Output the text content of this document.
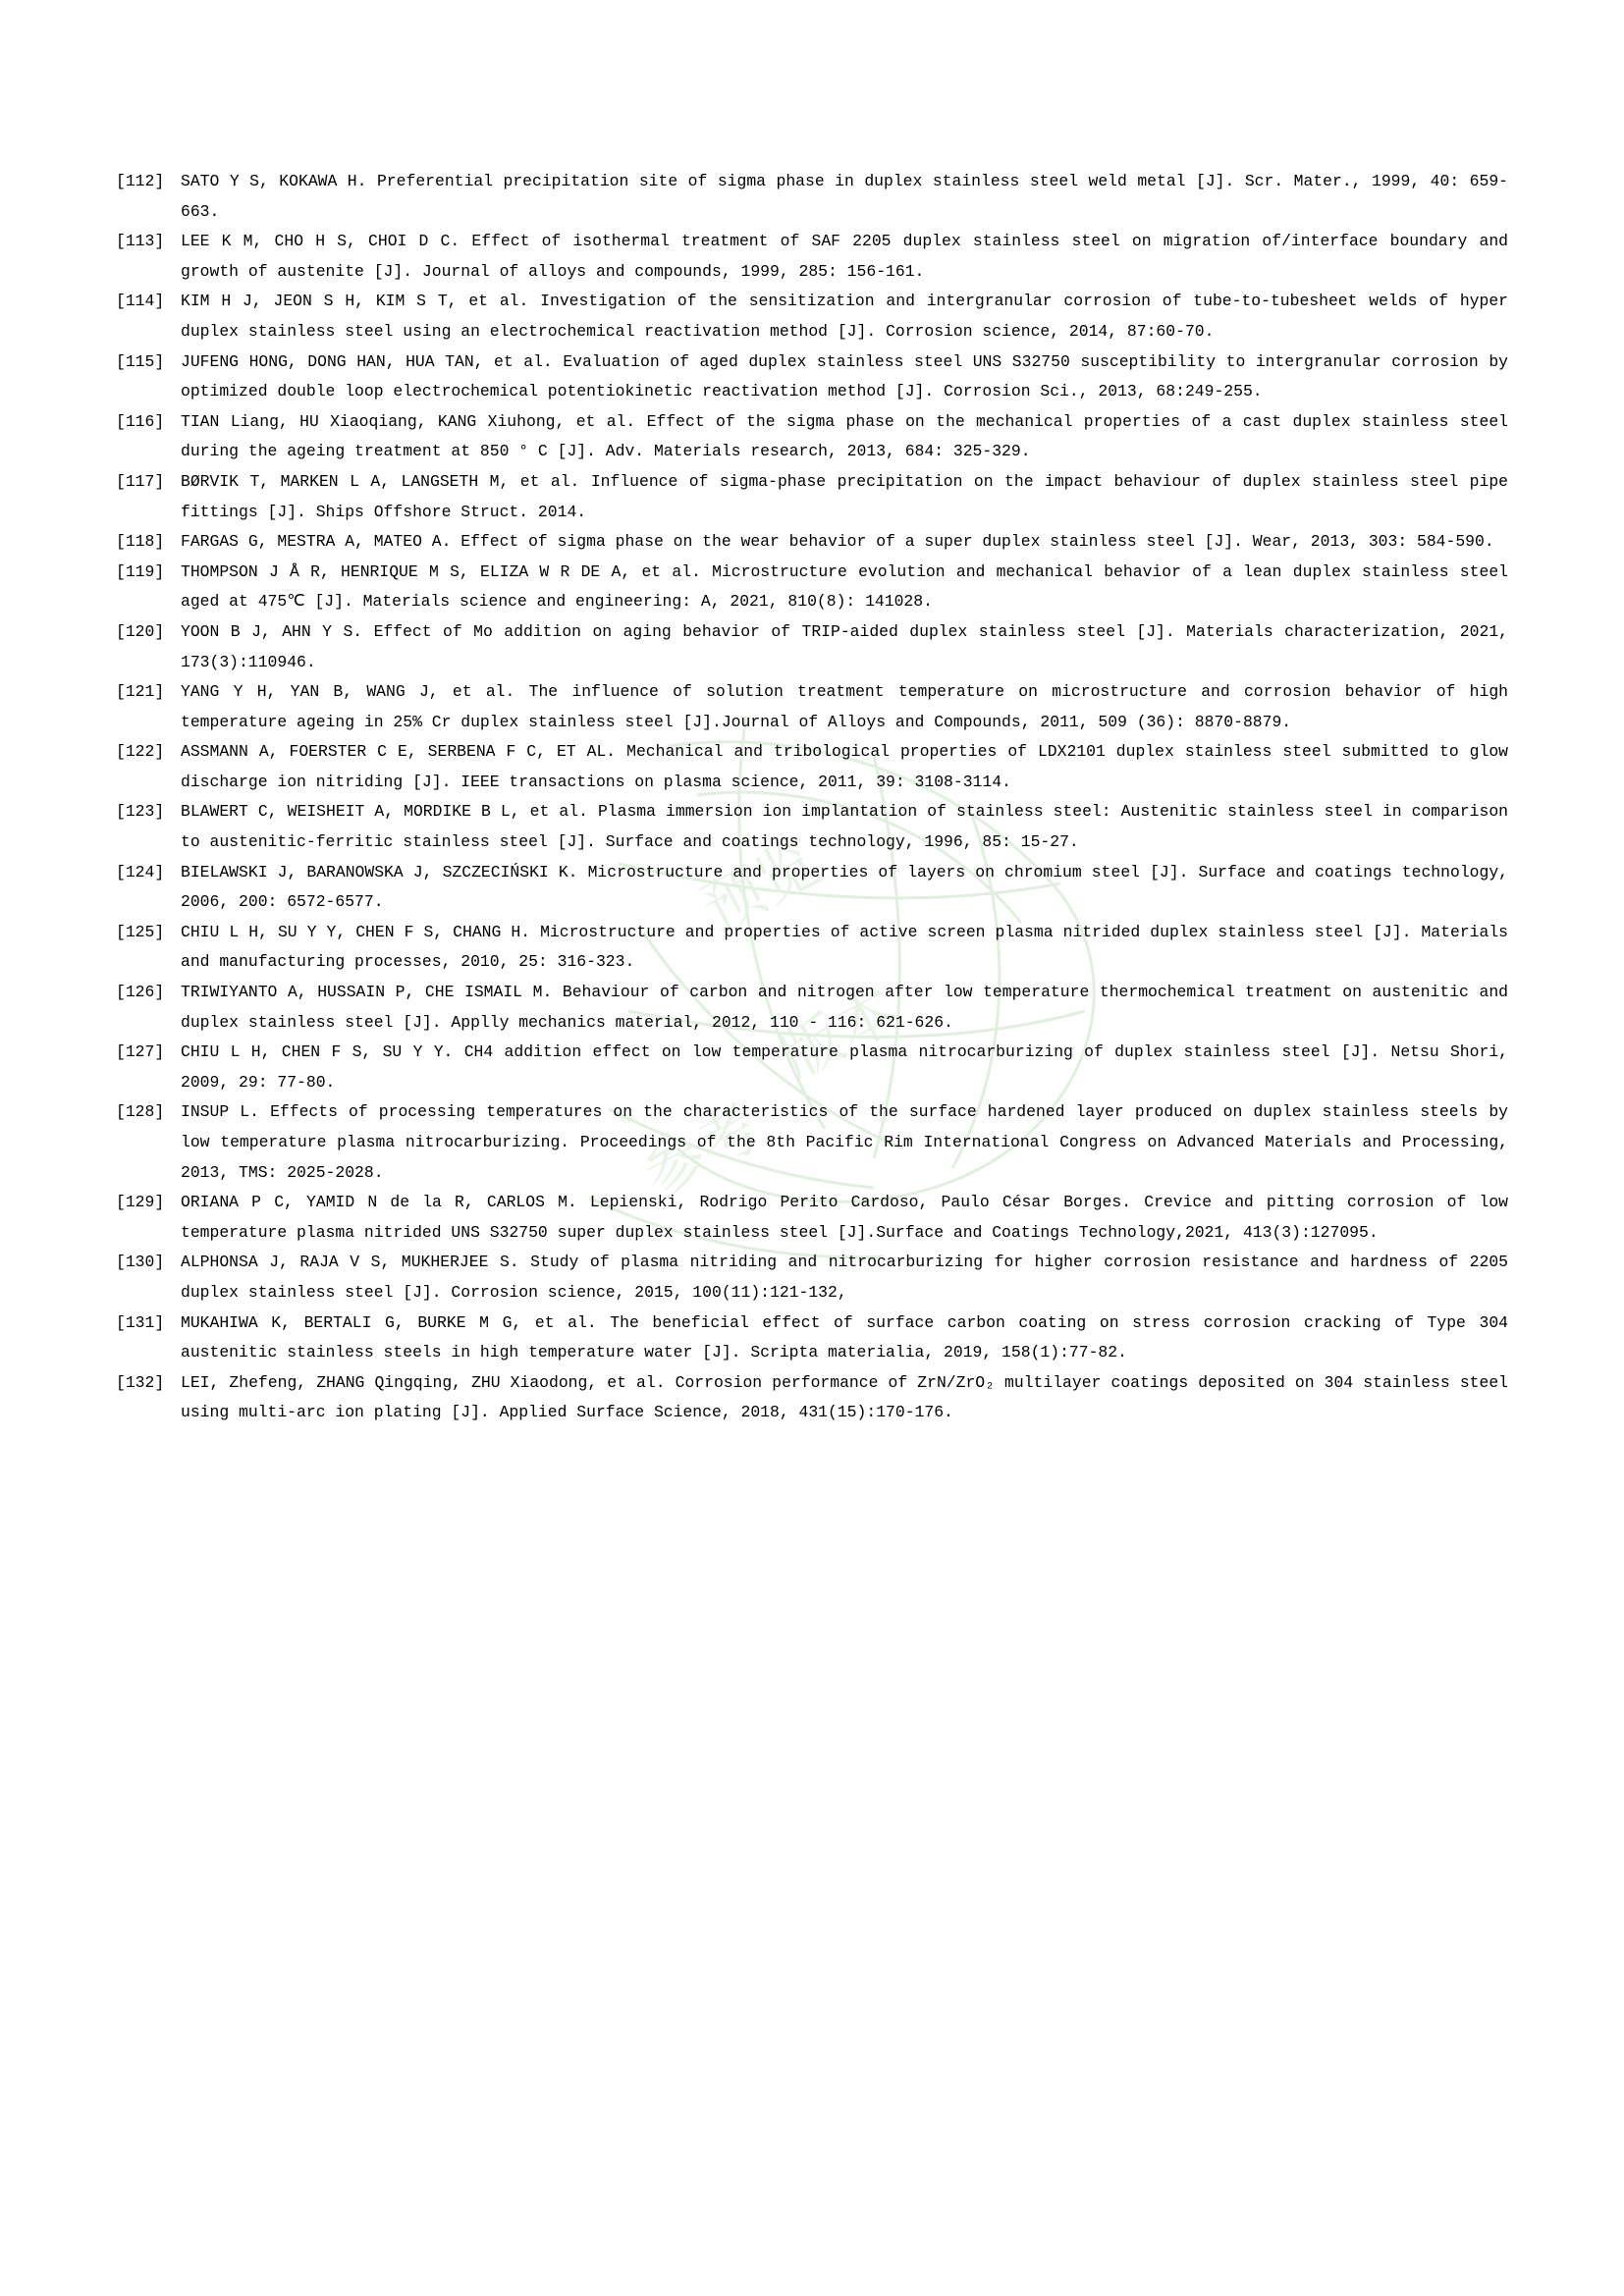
预览
版本
参考
[112] SATO Y S, KOKAWA H. Preferential precipitation site of sigma phase in duplex stainless steel weld metal [J]. Scr. Mater., 1999, 40: 659-663.
[113] LEE K M, CHO H S, CHOI D C. Effect of isothermal treatment of SAF 2205 duplex stainless steel on migration of/interface boundary and growth of austenite [J]. Journal of alloys and compounds, 1999, 285: 156-161.
[114] KIM H J, JEON S H, KIM S T, et al. Investigation of the sensitization and intergranular corrosion of tube-to-tubesheet welds of hyper duplex stainless steel using an electrochemical reactivation method [J]. Corrosion science, 2014, 87:60-70.
[115] JUFENG HONG, DONG HAN, HUA TAN, et al. Evaluation of aged duplex stainless steel UNS S32750 susceptibility to intergranular corrosion by optimized double loop electrochemical potentiokinetic reactivation method [J]. Corrosion Sci., 2013, 68:249-255.
[116] TIAN Liang, HU Xiaoqiang, KANG Xiuhong, et al. Effect of the sigma phase on the mechanical properties of a cast duplex stainless steel during the ageing treatment at 850 ° C [J]. Adv. Materials research, 2013, 684: 325-329.
[117] BØRVIK T, MARKEN L A, LANGSETH M, et al. Influence of sigma-phase precipitation on the impact behaviour of duplex stainless steel pipe fittings [J]. Ships Offshore Struct. 2014.
[118] FARGAS G, MESTRA A, MATEO A. Effect of sigma phase on the wear behavior of a super duplex stainless steel [J]. Wear, 2013, 303: 584-590.
[119] THOMPSON J Å R, HENRIQUE M S, ELIZA W R DE A, et al. Microstructure evolution and mechanical behavior of a lean duplex stainless steel aged at 475℃ [J]. Materials science and engineering: A, 2021, 810(8): 141028.
[120] YOON B J, AHN Y S. Effect of Mo addition on aging behavior of TRIP-aided duplex stainless steel [J]. Materials characterization, 2021, 173(3):110946.
[121] YANG Y H, YAN B, WANG J, et al. The influence of solution treatment temperature on microstructure and corrosion behavior of high temperature ageing in 25% Cr duplex stainless steel [J].Journal of Alloys and Compounds, 2011, 509 (36): 8870-8879.
[122] ASSMANN A, FOERSTER C E, SERBENA F C, ET AL. Mechanical and tribological properties of LDX2101 duplex stainless steel submitted to glow discharge ion nitriding [J]. IEEE transactions on plasma science, 2011, 39: 3108-3114.
[123] BLAWERT C, WEISHEIT A, MORDIKE B L, et al. Plasma immersion ion implantation of stainless steel: Austenitic stainless steel in comparison to austenitic-ferritic stainless steel [J]. Surface and coatings technology, 1996, 85: 15-27.
[124] BIELAWSKI J, BARANOWSKA J, SZCZECIŃSKI K. Microstructure and properties of layers on chromium steel [J]. Surface and coatings technology, 2006, 200: 6572-6577.
[125] CHIU L H, SU Y Y, CHEN F S, CHANG H. Microstructure and properties of active screen plasma nitrided duplex stainless steel [J]. Materials and manufacturing processes, 2010, 25: 316-323.
[126] TRIWIYANTO A, HUSSAIN P, CHE ISMAIL M. Behaviour of carbon and nitrogen after low temperature thermochemical treatment on austenitic and duplex stainless steel [J]. Applly mechanics material, 2012, 110 - 116: 621-626.
[127] CHIU L H, CHEN F S, SU Y Y. CH4 addition effect on low temperature plasma nitrocarburizing of duplex stainless steel [J]. Netsu Shori, 2009, 29: 77-80.
[128] INSUP L. Effects of processing temperatures on the characteristics of the surface hardened layer produced on duplex stainless steels by low temperature plasma nitrocarburizing. Proceedings of the 8th Pacific Rim International Congress on Advanced Materials and Processing, 2013, TMS: 2025-2028.
[129] ORIANA P C, YAMID N de la R, CARLOS M. Lepienski, Rodrigo Perito Cardoso, Paulo César Borges. Crevice and pitting corrosion of low temperature plasma nitrided UNS S32750 super duplex stainless steel [J].Surface and Coatings Technology,2021, 413(3):127095.
[130] ALPHONSA J, RAJA V S, MUKHERJEE S. Study of plasma nitriding and nitrocarburizing for higher corrosion resistance and hardness of 2205 duplex stainless steel [J]. Corrosion science, 2015, 100(11):121-132,
[131] MUKAHIWA K, BERTALI G, BURKE M G, et al. The beneficial effect of surface carbon coating on stress corrosion cracking of Type 304 austenitic stainless steels in high temperature water [J]. Scripta materialia, 2019, 158(1):77-82.
[132] LEI, Zhefeng, ZHANG Qingqing, ZHU Xiaodong, et al. Corrosion performance of ZrN/ZrO₂ multilayer coatings deposited on 304 stainless steel using multi-arc ion plating [J]. Applied Surface Science, 2018, 431(15):170-176.
